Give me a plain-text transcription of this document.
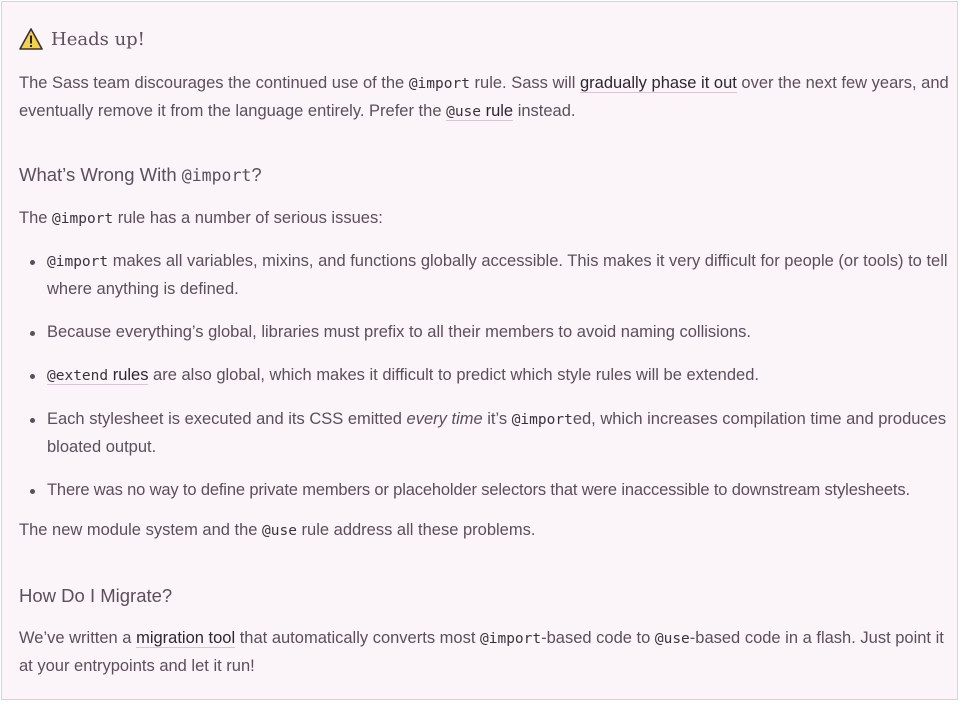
Heads up!

The Sass team discourages the continued use of the @import rule. Sass will gradually phase it out over the next few years, and eventually remove it from the language entirely. Prefer the @use rule instead.

What’s Wrong With @import?

The @import rule has a number of serious issues:

@import makes all variables, mixins, and functions globally accessible. This makes it very difficult for people (or tools) to tell where anything is defined.
Because everything’s global, libraries must prefix to all their members to avoid naming collisions.
@extend rules are also global, which makes it difficult to predict which style rules will be extended.
Each stylesheet is executed and its CSS emitted every time it’s @imported, which increases compilation time and produces bloated output.
There was no way to define private members or placeholder selectors that were inaccessible to downstream stylesheets.

The new module system and the @use rule address all these problems.

How Do I Migrate?

We’ve written a migration tool that automatically converts most @import-based code to @use-based code in a flash. Just point it at your entrypoints and let it run!
